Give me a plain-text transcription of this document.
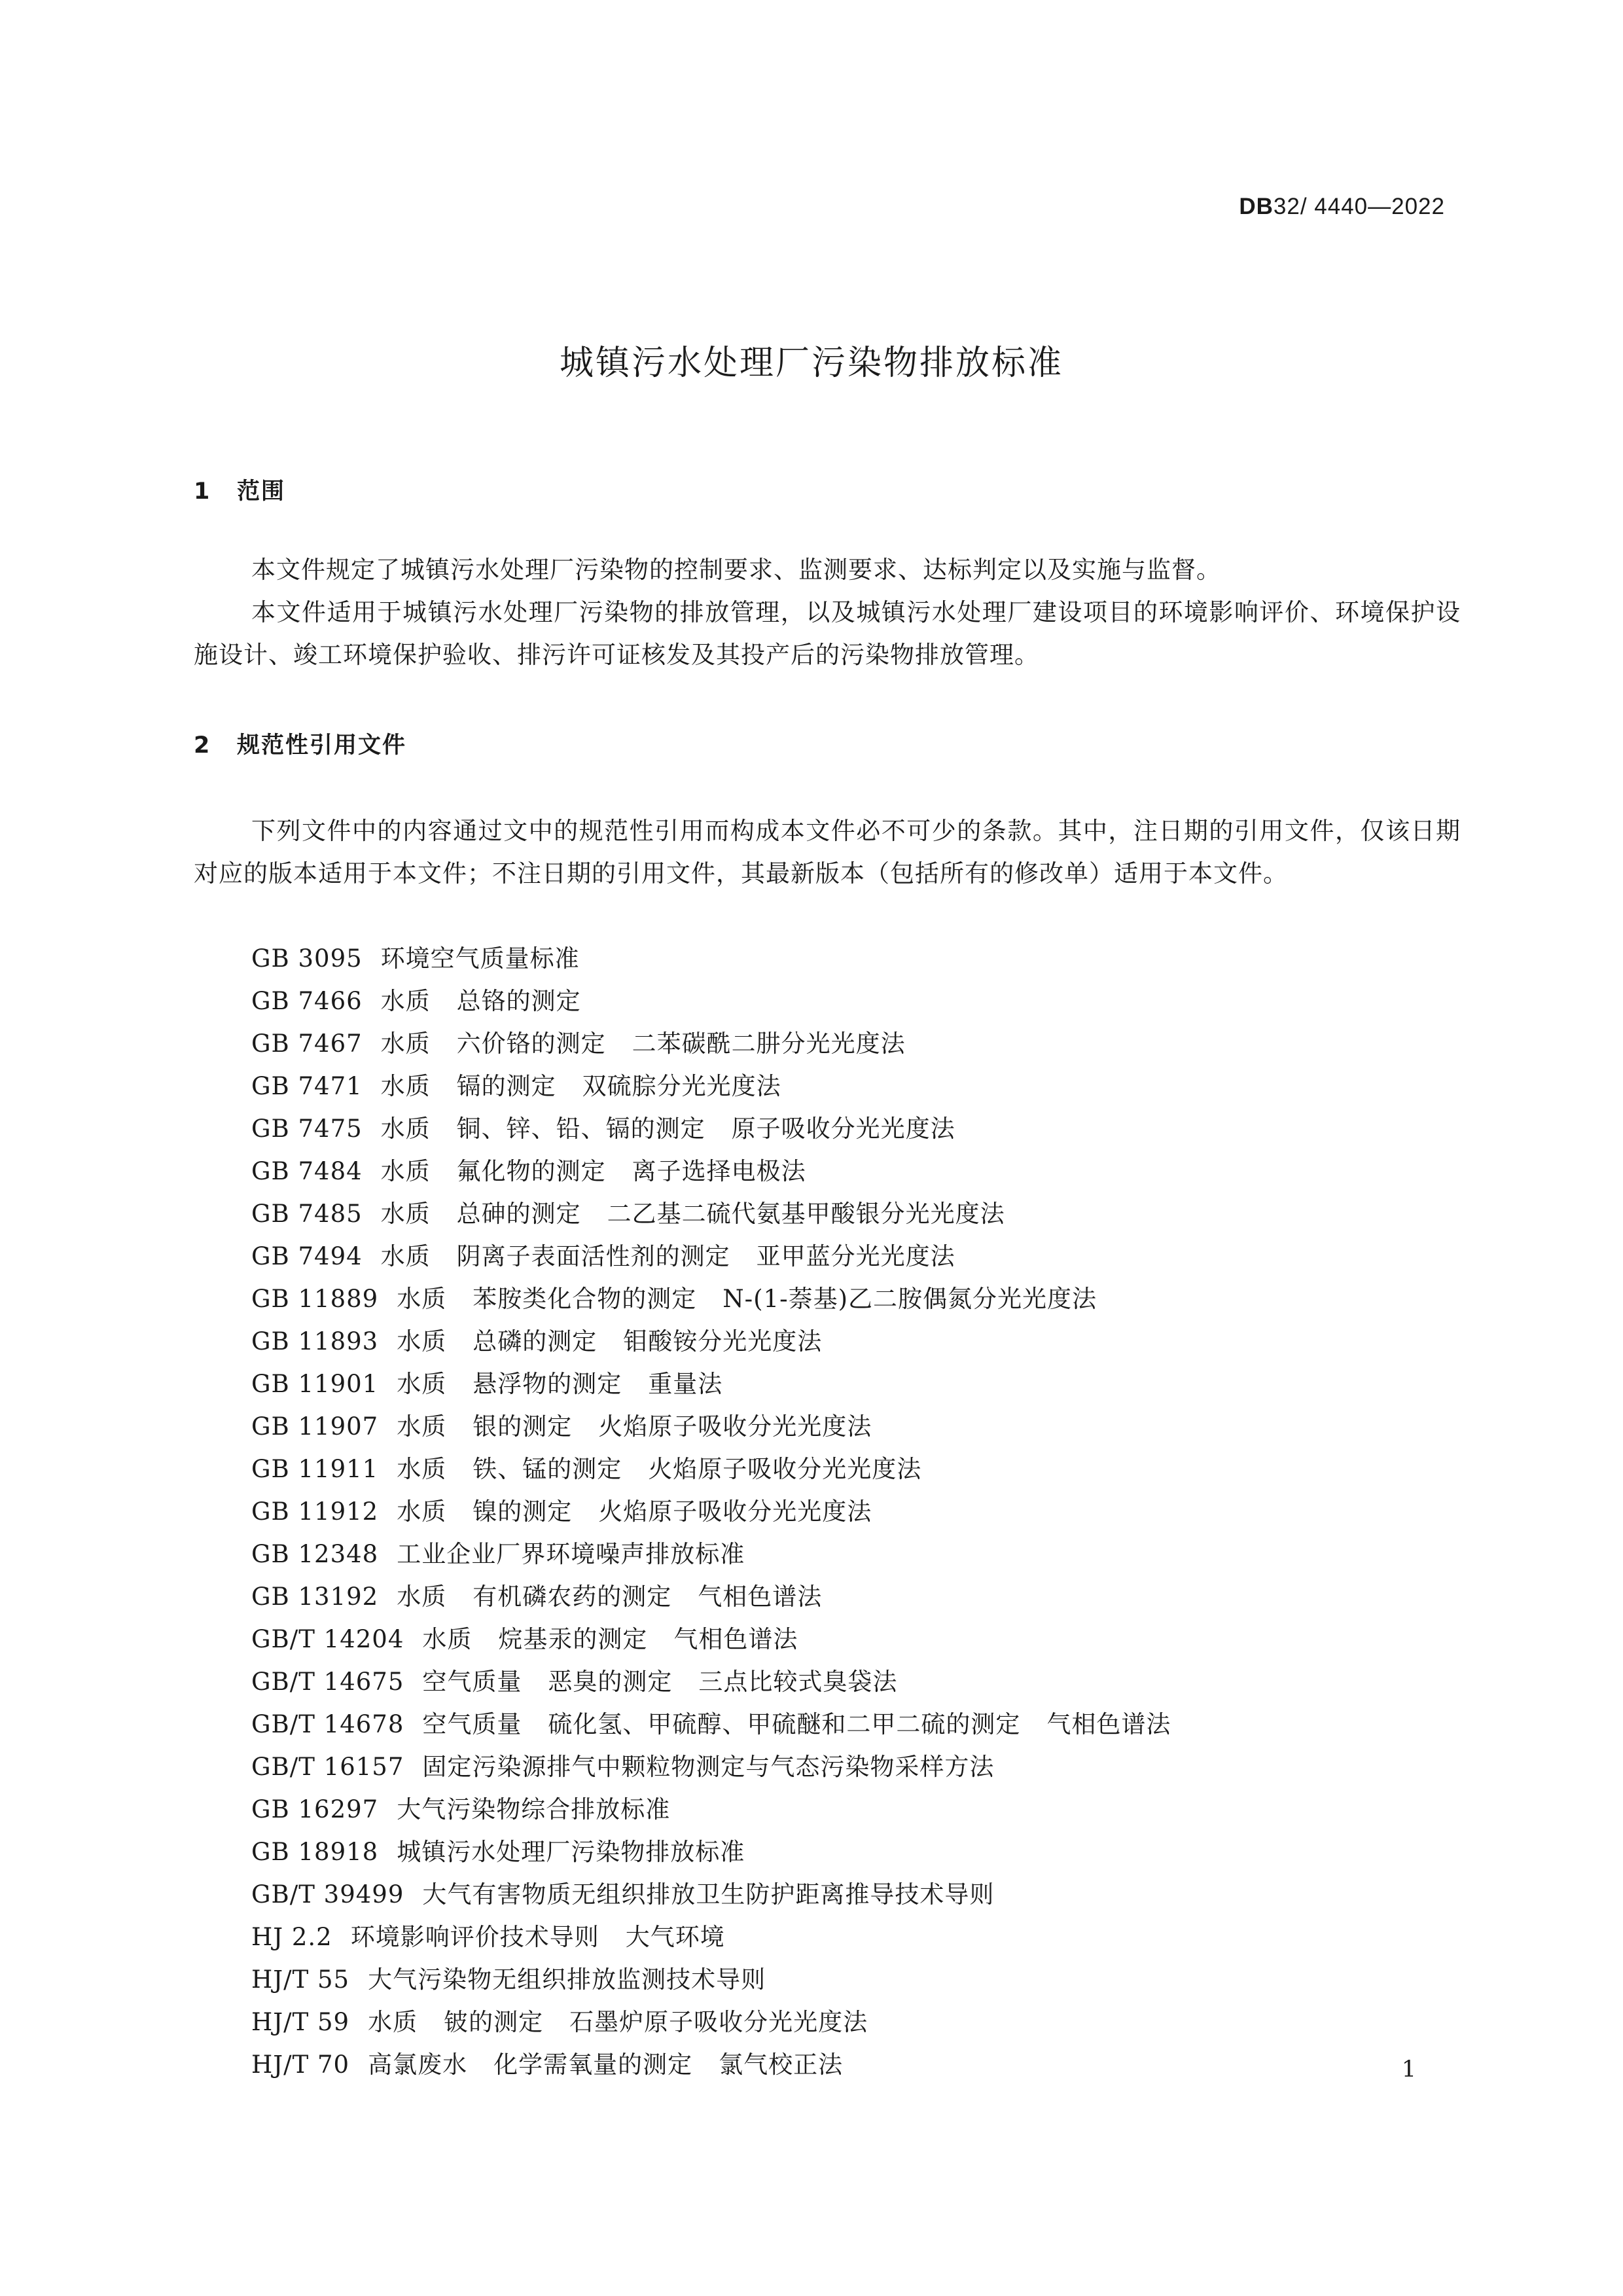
DB32/ 4440—2022
城镇污水处理厂污染物排放标准
1 范围

本文件规定了城镇污水处理厂污染物的控制要求、监测要求、达标判定以及实施与监督。

本文件适用于城镇污水处理厂污染物的排放管理，以及城镇污水处理厂建设项目的环境影响评价、环境保护设施设计、竣工环境保护验收、排污许可证核发及其投产后的污染物排放管理。

2 规范性引用文件

下列文件中的内容通过文中的规范性引用而构成本文件必不可少的条款。其中，注日期的引用文件，仅该日期对应的版本适用于本文件；不注日期的引用文件，其最新版本（包括所有的修改单）适用于本文件。

GB 3095 环境空气质量标准
GB 7466 水质 总铬的测定
GB 7467 水质 六价铬的测定 二苯碳酰二肼分光光度法
GB 7471 水质 镉的测定 双硫腙分光光度法
GB 7475 水质 铜、锌、铅、镉的测定 原子吸收分光光度法
GB 7484 水质 氟化物的测定 离子选择电极法
GB 7485 水质 总砷的测定 二乙基二硫代氨基甲酸银分光光度法
GB 7494 水质 阴离子表面活性剂的测定 亚甲蓝分光光度法
GB 11889 水质 苯胺类化合物的测定 N-(1-萘基)乙二胺偶氮分光光度法
GB 11893 水质 总磷的测定 钼酸铵分光光度法
GB 11901 水质 悬浮物的测定 重量法
GB 11907 水质 银的测定 火焰原子吸收分光光度法
GB 11911 水质 铁、锰的测定 火焰原子吸收分光光度法
GB 11912 水质 镍的测定 火焰原子吸收分光光度法
GB 12348 工业企业厂界环境噪声排放标准
GB 13192 水质 有机磷农药的测定 气相色谱法
GB/T 14204 水质 烷基汞的测定 气相色谱法
GB/T 14675 空气质量 恶臭的测定 三点比较式臭袋法
GB/T 14678 空气质量 硫化氢、甲硫醇、甲硫醚和二甲二硫的测定 气相色谱法
GB/T 16157 固定污染源排气中颗粒物测定与气态污染物采样方法
GB 16297 大气污染物综合排放标准
GB 18918 城镇污水处理厂污染物排放标准
GB/T 39499 大气有害物质无组织排放卫生防护距离推导技术导则
HJ 2.2 环境影响评价技术导则 大气环境
HJ/T 55 大气污染物无组织排放监测技术导则
HJ/T 59 水质 铍的测定 石墨炉原子吸收分光光度法
HJ/T 70 高氯废水 化学需氧量的测定 氯气校正法	1
